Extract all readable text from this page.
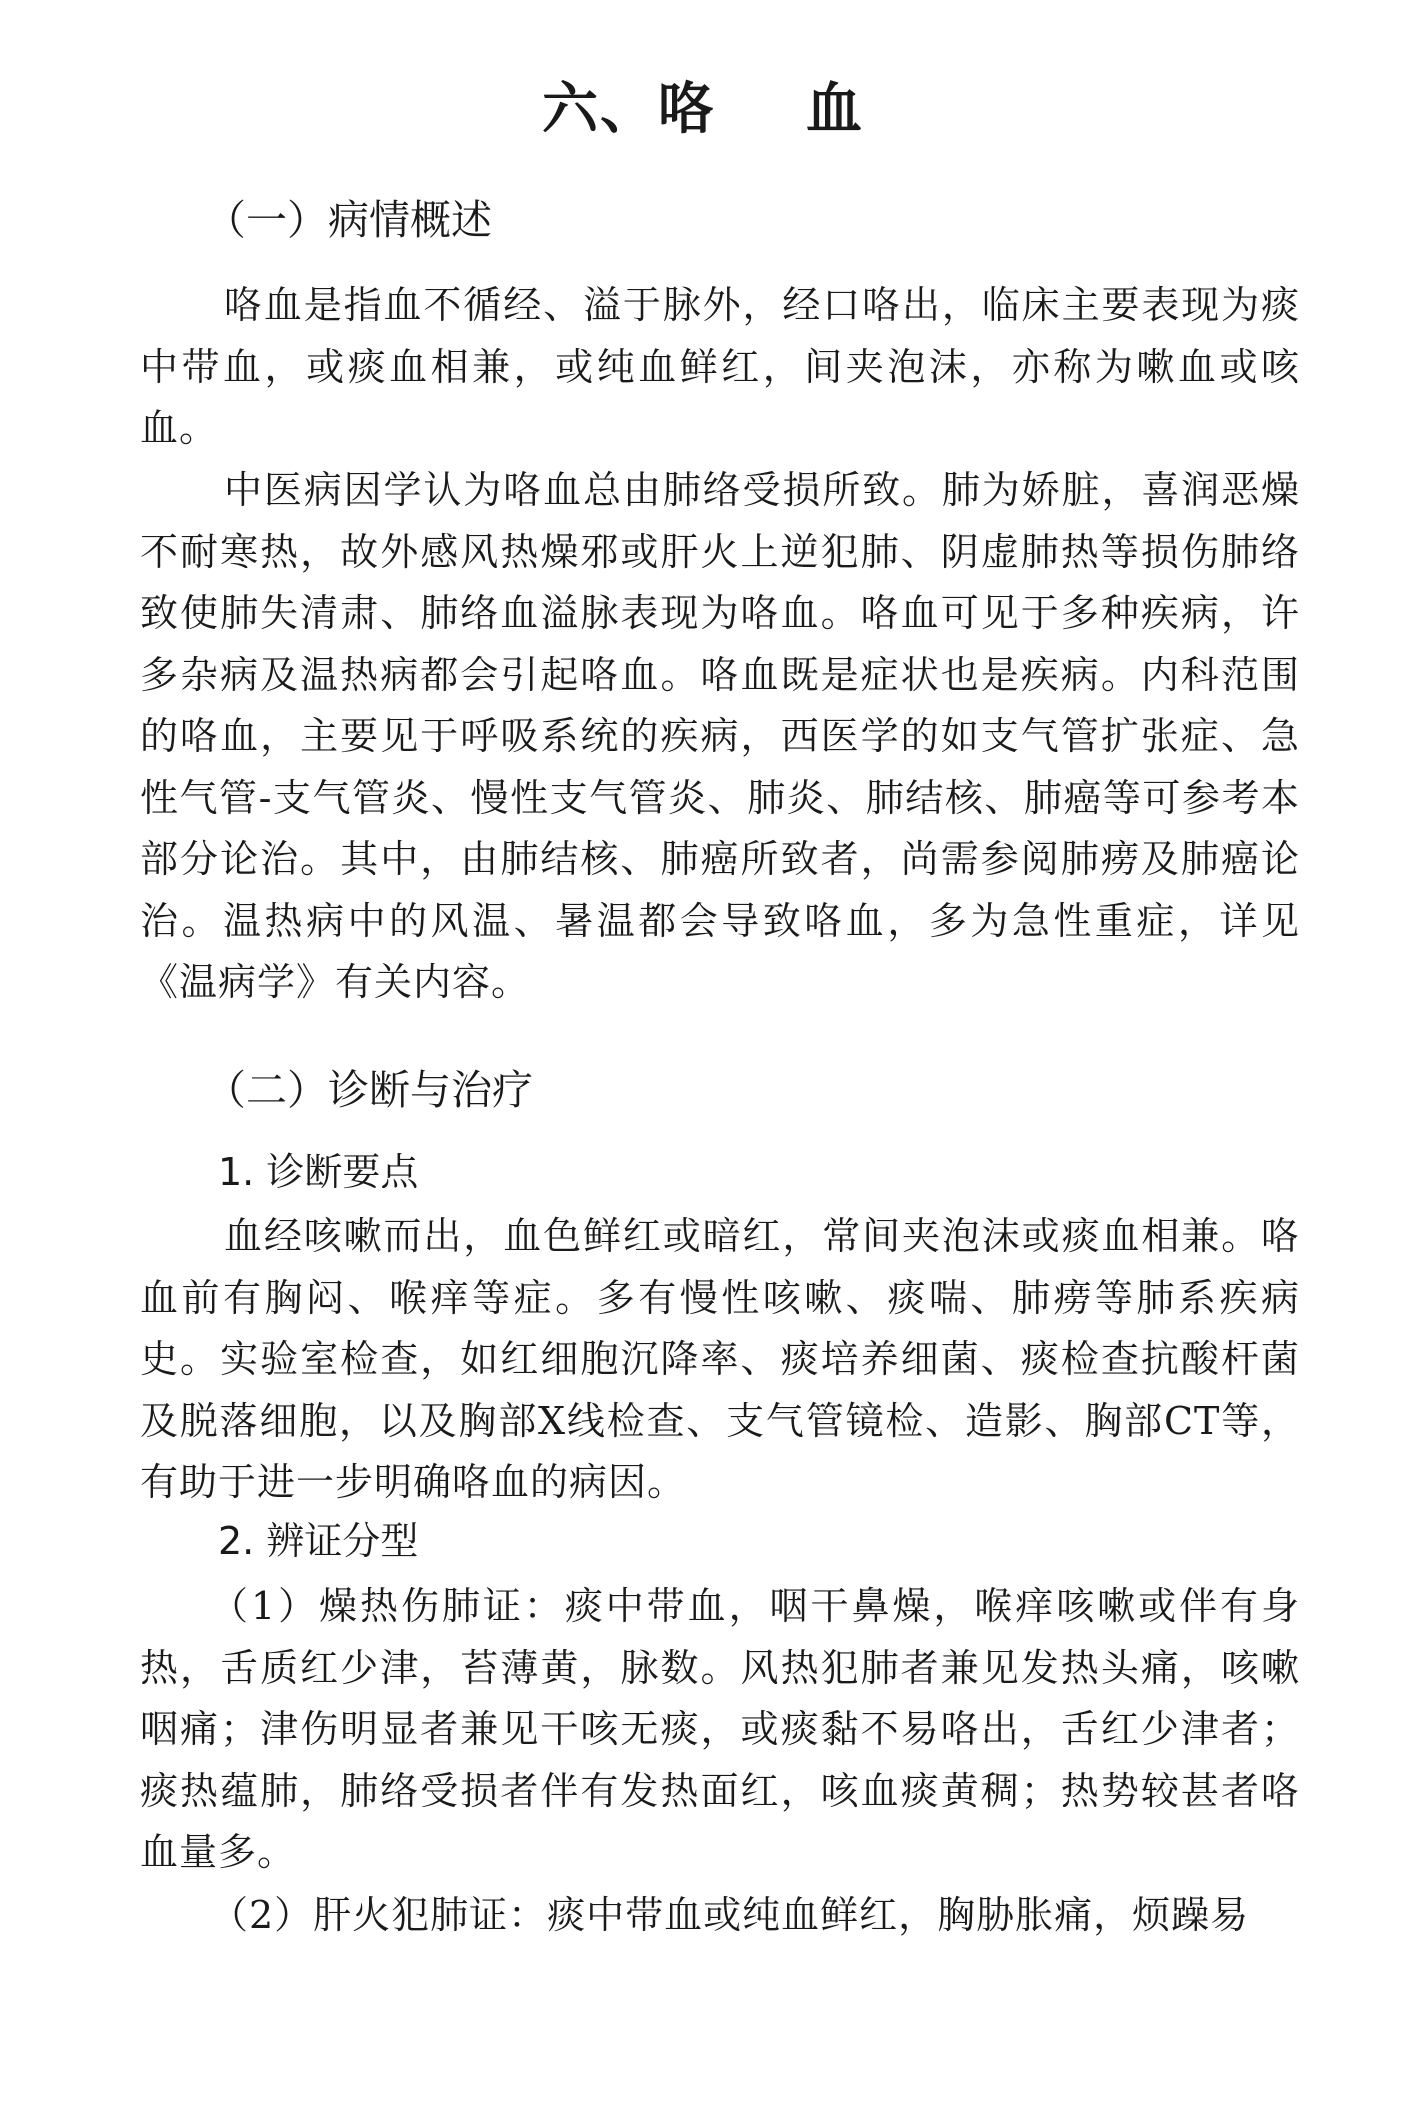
六、咯 血
（一）病情概述

咯血是指血不循经、溢于脉外，经口咯出，临床主要表现为痰中带血，或痰血相兼，或纯血鲜红，间夹泡沫，亦称为嗽血或咳血。

中医病因学认为咯血总由肺络受损所致。肺为娇脏，喜润恶燥不耐寒热，故外感风热燥邪或肝火上逆犯肺、阴虚肺热等损伤肺络致使肺失清肃、肺络血溢脉表现为咯血。咯血可见于多种疾病，许多杂病及温热病都会引起咯血。咯血既是症状也是疾病。内科范围的咯血，主要见于呼吸系统的疾病，西医学的如支气管扩张症、急性气管-支气管炎、慢性支气管炎、肺炎、肺结核、肺癌等可参考本部分论治。其中，由肺结核、肺癌所致者，尚需参阅肺痨及肺癌论治。温热病中的风温、暑温都会导致咯血，多为急性重症，详见《温病学》有关内容。

（二）诊断与治疗
1. 诊断要点

血经咳嗽而出，血色鲜红或暗红，常间夹泡沫或痰血相兼。咯血前有胸闷、喉痒等症。多有慢性咳嗽、痰喘、肺痨等肺系疾病史。实验室检查，如红细胞沉降率、痰培养细菌、痰检查抗酸杆菌及脱落细胞，以及胸部X线检查、支气管镜检、造影、胸部CT等，有助于进一步明确咯血的病因。

2. 辨证分型

（1）燥热伤肺证：痰中带血，咽干鼻燥，喉痒咳嗽或伴有身热，舌质红少津，苔薄黄，脉数。风热犯肺者兼见发热头痛，咳嗽咽痛；津伤明显者兼见干咳无痰，或痰黏不易咯出，舌红少津者；痰热蕴肺，肺络受损者伴有发热面红，咳血痰黄稠；热势较甚者咯血量多。

（2）肝火犯肺证：痰中带血或纯血鲜红，胸胁胀痛，烦躁易
